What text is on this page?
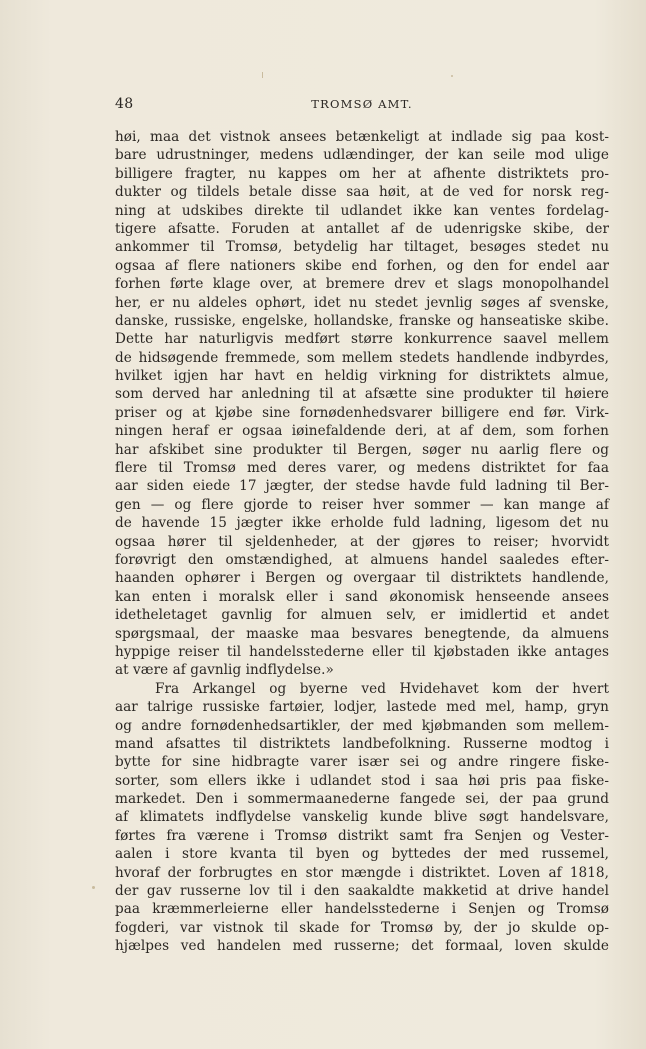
48	TROMSØ AMT.
høi, maa det vistnok ansees betænkeligt at indlade sig paa kost-
bare udrustninger, medens udlændinger, der kan seile mod ulige
billigere fragter, nu kappes om her at afhente distriktets pro-
dukter og tildels betale disse saa høit, at de ved for norsk reg-
ning at udskibes direkte til udlandet ikke kan ventes fordelag-
tigere afsatte. Foruden at antallet af de udenrigske skibe, der
ankommer til Tromsø, betydelig har tiltaget, besøges stedet nu
ogsaa af flere nationers skibe end forhen, og den for endel aar
forhen førte klage over, at bremere drev et slags monopolhandel
her, er nu aldeles ophørt, idet nu stedet jevnlig søges af svenske,
danske, russiske, engelske, hollandske, franske og hanseatiske skibe.
Dette har naturligvis medført større konkurrence saavel mellem
de hidsøgende fremmede, som mellem stedets handlende indbyrdes,
hvilket igjen har havt en heldig virkning for distriktets almue,
som derved har anledning til at afsætte sine produkter til høiere
priser og at kjøbe sine fornødenhedsvarer billigere end før. Virk-
ningen heraf er ogsaa iøinefaldende deri, at af dem, som forhen
har afskibet sine produkter til Bergen, søger nu aarlig flere og
flere til Tromsø med deres varer, og medens distriktet for faa
aar siden eiede 17 jægter, der stedse havde fuld ladning til Ber-
gen — og flere gjorde to reiser hver sommer — kan mange af
de havende 15 jægter ikke erholde fuld ladning, ligesom det nu
ogsaa hører til sjeldenheder, at der gjøres to reiser; hvorvidt
forøvrigt den omstændighed, at almuens handel saaledes efter-
haanden ophører i Bergen og overgaar til distriktets handlende,
kan enten i moralsk eller i sand økonomisk henseende ansees
idetheletaget gavnlig for almuen selv, er imidlertid et andet
spørgsmaal, der maaske maa besvares benegtende, da almuens
hyppige reiser til handelsstederne eller til kjøbstaden ikke antages
at være af gavnlig indflydelse.»
Fra Arkangel og byerne ved Hvidehavet kom der hvert
aar talrige russiske fartøier, lodjer, lastede med mel, hamp, gryn
og andre fornødenhedsartikler, der med kjøbmanden som mellem-
mand afsattes til distriktets landbefolkning. Russerne modtog i
bytte for sine hidbragte varer især sei og andre ringere fiske-
sorter, som ellers ikke i udlandet stod i saa høi pris paa fiske-
markedet. Den i sommermaanederne fangede sei, der paa grund
af klimatets indflydelse vanskelig kunde blive søgt handelsvare,
førtes fra værene i Tromsø distrikt samt fra Senjen og Vester-
aalen i store kvanta til byen og byttedes der med russemel,
hvoraf der forbrugtes en stor mængde i distriktet. Loven af 1818,
der gav russerne lov til i den saakaldte makketid at drive handel
paa kræmmerleierne eller handelsstederne i Senjen og Tromsø
fogderi, var vistnok til skade for Tromsø by, der jo skulde op-
hjælpes ved handelen med russerne; det formaal, loven skulde
